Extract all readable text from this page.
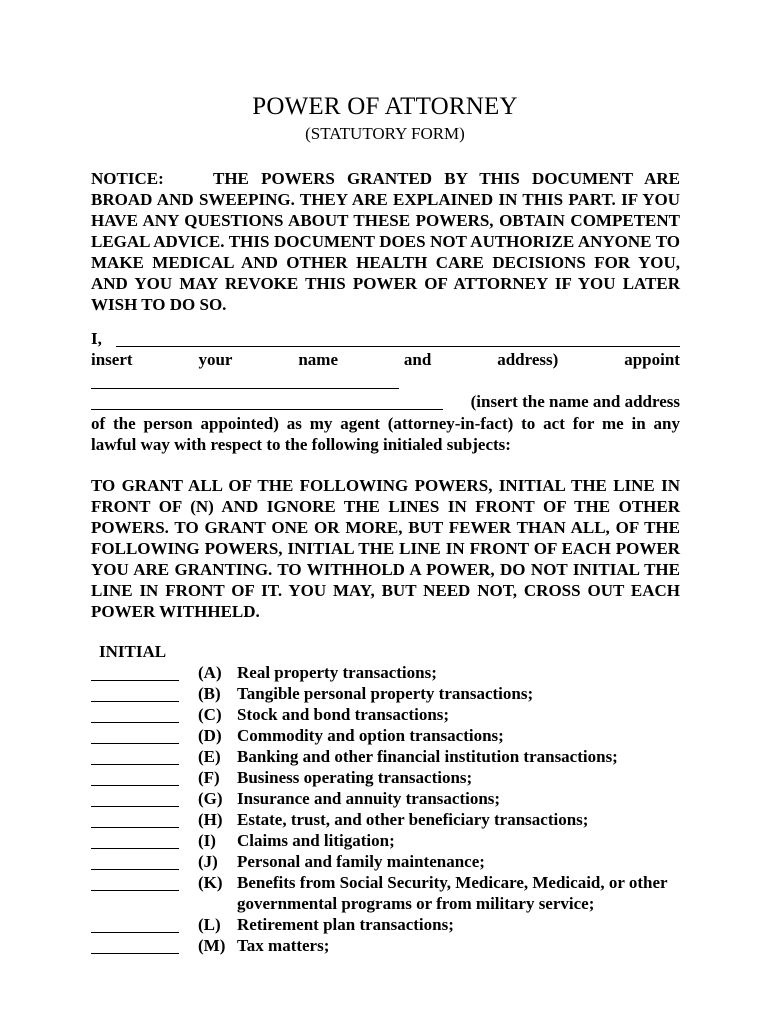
POWER OF ATTORNEY
(STATUTORY FORM)
NOTICE:	THE POWERS GRANTED BY THIS DOCUMENT ARE BROAD AND SWEEPING. THEY ARE EXPLAINED IN THIS PART. IF YOU HAVE ANY QUESTIONS ABOUT THESE POWERS, OBTAIN COMPETENT LEGAL ADVICE. THIS DOCUMENT DOES NOT AUTHORIZE ANYONE TO MAKE MEDICAL AND OTHER HEALTH CARE DECISIONS FOR YOU, AND YOU MAY REVOKE THIS POWER OF ATTORNEY IF YOU LATER WISH TO DO SO.
I,
insert	your	name	and	address)	appoint
(insert the name and address
of the person appointed) as my agent (attorney-in-fact) to act for me in any lawful way with respect to the following initialed subjects:
TO GRANT ALL OF THE FOLLOWING POWERS, INITIAL THE LINE IN FRONT OF (N) AND IGNORE THE LINES IN FRONT OF THE OTHER POWERS. TO GRANT ONE OR MORE, BUT FEWER THAN ALL, OF THE FOLLOWING POWERS, INITIAL THE LINE IN FRONT OF EACH POWER YOU ARE GRANTING. TO WITHHOLD A POWER, DO NOT INITIAL THE LINE IN FRONT OF IT. YOU MAY, BUT NEED NOT, CROSS OUT EACH POWER WITHHELD.
INITIAL
(A) Real property transactions;
(B) Tangible personal property transactions;
(C) Stock and bond transactions;
(D) Commodity and option transactions;
(E) Banking and other financial institution transactions;
(F) Business operating transactions;
(G) Insurance and annuity transactions;
(H) Estate, trust, and other beneficiary transactions;
(I) Claims and litigation;
(J) Personal and family maintenance;
(K) Benefits from Social Security, Medicare, Medicaid, or other
governmental programs or from military service;
(L) Retirement plan transactions;
(M) Tax matters;
